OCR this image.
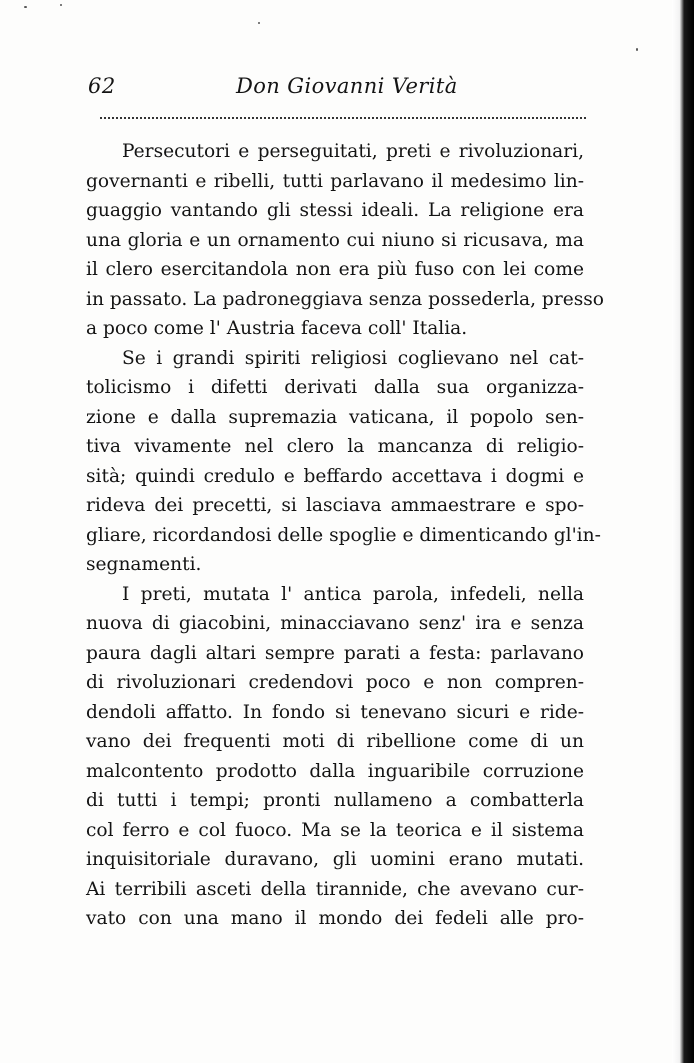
62	Don Giovanni Verità
Persecutori e perseguitati, preti e rivoluzionari,
governanti e ribelli, tutti parlavano il medesimo lin-
guaggio vantando gli stessi ideali. La religione era
una gloria e un ornamento cui niuno si ricusava, ma
il clero esercitandola non era più fuso con lei come
in passato. La padroneggiava senza possederla, presso
a poco come l' Austria faceva coll' Italia.
Se i grandi spiriti religiosi coglievano nel cat-
tolicismo i difetti derivati dalla sua organizza-
zione e dalla supremazia vaticana, il popolo sen-
tiva vivamente nel clero la mancanza di religio-
sità; quindi credulo e beffardo accettava i dogmi e
rideva dei precetti, si lasciava ammaestrare e spo-
gliare, ricordandosi delle spoglie e dimenticando gl'in-
segnamenti.
I preti, mutata l' antica parola, infedeli, nella
nuova di giacobini, minacciavano senz' ira e senza
paura dagli altari sempre parati a festa: parlavano
di rivoluzionari credendovi poco e non compren-
dendoli affatto. In fondo si tenevano sicuri e ride-
vano dei frequenti moti di ribellione come di un
malcontento prodotto dalla inguaribile corruzione
di tutti i tempi; pronti nullameno a combatterla
col ferro e col fuoco. Ma se la teorica e il sistema
inquisitoriale duravano, gli uomini erano mutati.
Ai terribili asceti della tirannide, che avevano cur-
vato con una mano il mondo dei fedeli alle pro-
